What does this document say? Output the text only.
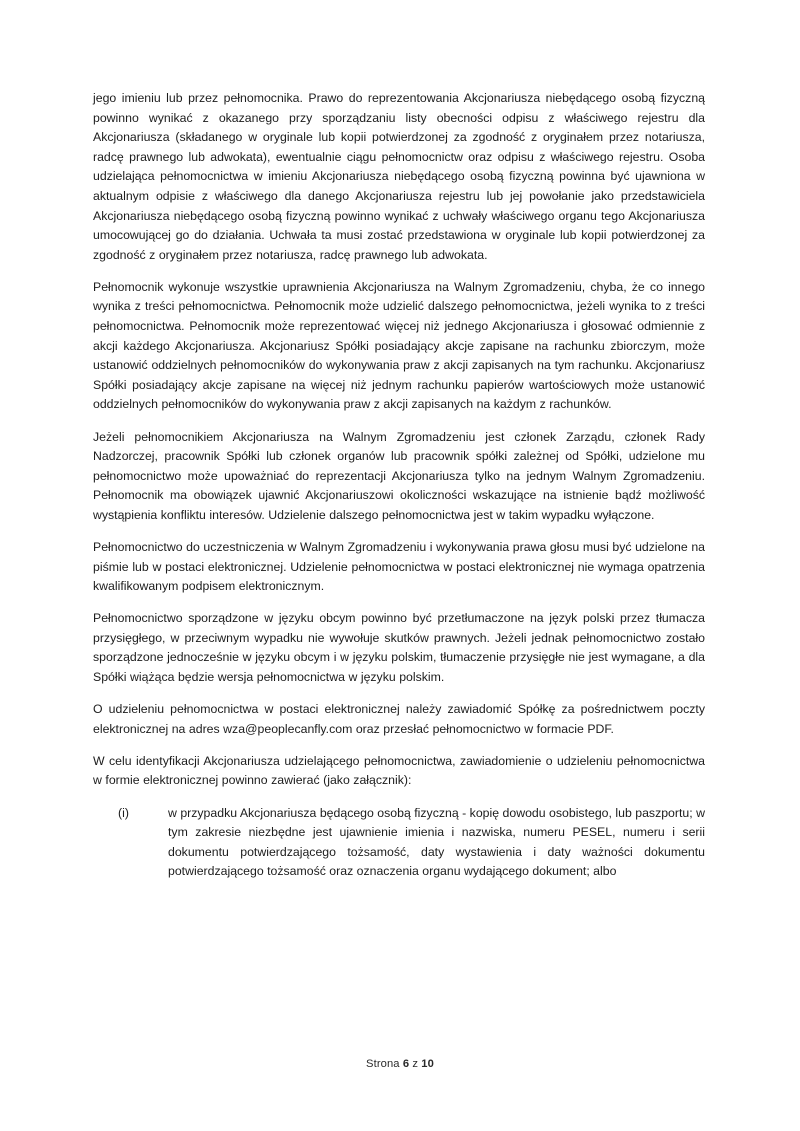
jego imieniu lub przez pełnomocnika. Prawo do reprezentowania Akcjonariusza niebędącego osobą fizyczną powinno wynikać z okazanego przy sporządzaniu listy obecności odpisu z właściwego rejestru dla Akcjonariusza (składanego w oryginale lub kopii potwierdzonej za zgodność z oryginałem przez notariusza, radcę prawnego lub adwokata), ewentualnie ciągu pełnomocnictw oraz odpisu z właściwego rejestru. Osoba udzielająca pełnomocnictwa w imieniu Akcjonariusza niebędącego osobą fizyczną powinna być ujawniona w aktualnym odpisie z właściwego dla danego Akcjonariusza rejestru lub jej powołanie jako przedstawiciela Akcjonariusza niebędącego osobą fizyczną powinno wynikać z uchwały właściwego organu tego Akcjonariusza umocowującej go do działania. Uchwała ta musi zostać przedstawiona w oryginale lub kopii potwierdzonej za zgodność z oryginałem przez notariusza, radcę prawnego lub adwokata.

Pełnomocnik wykonuje wszystkie uprawnienia Akcjonariusza na Walnym Zgromadzeniu, chyba, że co innego wynika z treści pełnomocnictwa. Pełnomocnik może udzielić dalszego pełnomocnictwa, jeżeli wynika to z treści pełnomocnictwa. Pełnomocnik może reprezentować więcej niż jednego Akcjonariusza i głosować odmiennie z akcji każdego Akcjonariusza. Akcjonariusz Spółki posiadający akcje zapisane na rachunku zbiorczym, może ustanowić oddzielnych pełnomocników do wykonywania praw z akcji zapisanych na tym rachunku. Akcjonariusz Spółki posiadający akcje zapisane na więcej niż jednym rachunku papierów wartościowych może ustanowić oddzielnych pełnomocników do wykonywania praw z akcji zapisanych na każdym z rachunków.

Jeżeli pełnomocnikiem Akcjonariusza na Walnym Zgromadzeniu jest członek Zarządu, członek Rady Nadzorczej, pracownik Spółki lub członek organów lub pracownik spółki zależnej od Spółki, udzielone mu pełnomocnictwo może upoważniać do reprezentacji Akcjonariusza tylko na jednym Walnym Zgromadzeniu. Pełnomocnik ma obowiązek ujawnić Akcjonariuszowi okoliczności wskazujące na istnienie bądź możliwość wystąpienia konfliktu interesów. Udzielenie dalszego pełnomocnictwa jest w takim wypadku wyłączone.

Pełnomocnictwo do uczestniczenia w Walnym Zgromadzeniu i wykonywania prawa głosu musi być udzielone na piśmie lub w postaci elektronicznej. Udzielenie pełnomocnictwa w postaci elektronicznej nie wymaga opatrzenia kwalifikowanym podpisem elektronicznym.

Pełnomocnictwo sporządzone w języku obcym powinno być przetłumaczone na język polski przez tłumacza przysięgłego, w przeciwnym wypadku nie wywołuje skutków prawnych. Jeżeli jednak pełnomocnictwo zostało sporządzone jednocześnie w języku obcym i w języku polskim, tłumaczenie przysięgłe nie jest wymagane, a dla Spółki wiążąca będzie wersja pełnomocnictwa w języku polskim.

O udzieleniu pełnomocnictwa w postaci elektronicznej należy zawiadomić Spółkę za pośrednictwem poczty elektronicznej na adres wza@peoplecanfly.com oraz przesłać pełnomocnictwo w formacie PDF.

W celu identyfikacji Akcjonariusza udzielającego pełnomocnictwa, zawiadomienie o udzieleniu pełnomocnictwa w formie elektronicznej powinno zawierać (jako załącznik):

(i)	w przypadku Akcjonariusza będącego osobą fizyczną - kopię dowodu osobistego, lub paszportu; w tym zakresie niezbędne jest ujawnienie imienia i nazwiska, numeru PESEL, numeru i serii dokumentu potwierdzającego tożsamość, daty wystawienia i daty ważności dokumentu potwierdzającego tożsamość oraz oznaczenia organu wydającego dokument; albo
Strona 6 z 10
